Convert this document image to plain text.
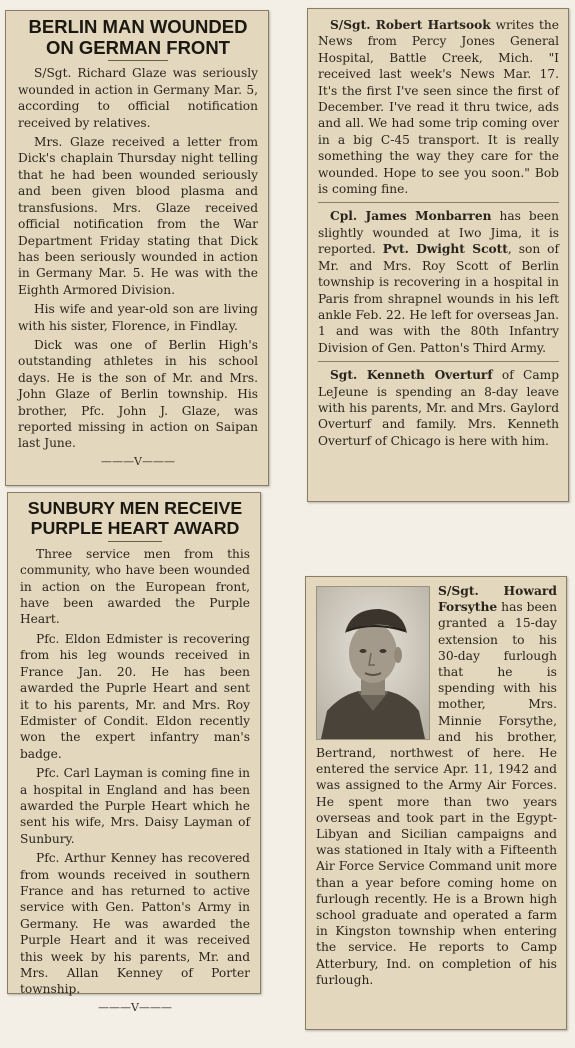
BERLIN MAN WOUNDED
ON GERMAN FRONT

S/Sgt. Richard Glaze was seriously wounded in action in Germany Mar. 5, according to official notification received by relatives.

Mrs. Glaze received a letter from Dick's chaplain Thursday night telling that he had been wounded seriously and been given blood plasma and transfusions. Mrs. Glaze received official notification from the War Department Friday stating that Dick has been seriously wounded in action in Germany Mar. 5. He was with the Eighth Armored Division.

His wife and year-old son are living with his sister, Florence, in Findlay.

Dick was one of Berlin High's outstanding athletes in his school days. He is the son of Mr. and Mrs. John Glaze of Berlin township. His brother, Pfc. John J. Glaze, was reported missing in action on Saipan last June.

———V———
SUNBURY MEN RECEIVE
PURPLE HEART AWARD

Three service men from this community, who have been wounded in action on the European front, have been awarded the Purple Heart.

Pfc. Eldon Edmister is recovering from his leg wounds received in France Jan. 20. He has been awarded the Puprle Heart and sent it to his parents, Mr. and Mrs. Roy Edmister of Condit. Eldon recently won the expert infantry man's badge.

Pfc. Carl Layman is coming fine in a hospital in England and has been awarded the Purple Heart which he sent his wife, Mrs. Daisy Layman of Sunbury.

Pfc. Arthur Kenney has recovered from wounds received in southern France and has returned to active service with Gen. Patton's Army in Germany. He was awarded the Purple Heart and it was received this week by his parents, Mr. and Mrs. Allan Kenney of Porter township.

———V———

S/Sgt. Robert Hartsook writes the News from Percy Jones General Hospital, Battle Creek, Mich. "I received last week's News Mar. 17. It's the first I've seen since the first of December. I've read it thru twice, ads and all. We had some trip coming over in a big C-45 transport. It is really something the way they care for the wounded. Hope to see you soon." Bob is coming fine.

Cpl. James Monbarren has been slightly wounded at Iwo Jima, it is reported. Pvt. Dwight Scott, son of Mr. and Mrs. Roy Scott of Berlin township is recovering in a hospital in Paris from shrapnel wounds in his left ankle Feb. 22. He left for overseas Jan. 1 and was with the 80th Infantry Division of Gen. Patton's Third Army.

Sgt. Kenneth Overturf of Camp LeJeune is spending an 8-day leave with his parents, Mr. and Mrs. Gaylord Overturf and family. Mrs. Kenneth Overturf of Chicago is here with him.

S/Sgt. Howard Forsythe has been granted a 15-day extension to his 30-day furlough that he is spending with his mother, Mrs. Minnie Forsythe, and his brother, Bertrand, northwest of here. He entered the service Apr. 11, 1942 and was assigned to the Army Air Forces. He spent more than two years overseas and took part in the Egypt-Libyan and Sicilian campaigns and was stationed in Italy with a Fifteenth Air Force Service Command unit more than a year before coming home on furlough recently. He is a Brown high school graduate and operated a farm in Kingston township when entering the service. He reports to Camp Atterbury, Ind. on completion of his furlough.
